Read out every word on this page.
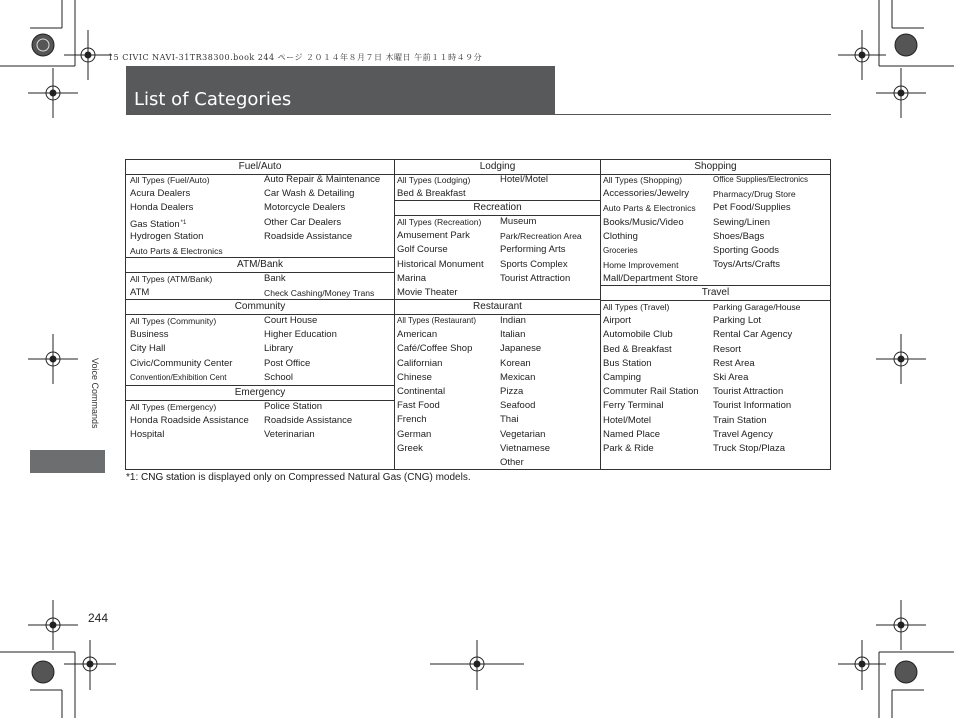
15 CIVIC NAVI-31TR38300.book 244 ページ ２０１４年８月７日 木曜日 午前１１時４９分
List of Categories
Voice Commands
Fuel/Auto
All Types (Fuel/Auto)
Acura Dealers
Honda Dealers
Gas Station$^{*1}$
Hydrogen Station
Auto Parts & Electronics
Auto Repair & Maintenance
Car Wash & Detailing
Motorcycle Dealers
Other Car Dealers
Roadside Assistance
ATM/Bank
All Types (ATM/Bank)
ATM
Bank
Check Cashing/Money Trans
Community
All Types (Community)
Business
City Hall
Civic/Community Center
Convention/Exhibition Cent
Court House
Higher Education
Library
Post Office
School
Emergency
All Types (Emergency)
Honda Roadside Assistance
Hospital
Police Station
Roadside Assistance
Veterinarian
Lodging
All Types (Lodging)
Bed & Breakfast
Hotel/Motel
Recreation
All Types (Recreation)
Amusement Park
Golf Course
Historical Monument
Marina
Movie Theater
Museum
Park/Recreation Area
Performing Arts
Sports Complex
Tourist Attraction
Restaurant
All Types (Restaurant)
American
Café/Coffee Shop
Californian
Chinese
Continental
Fast Food
French
German
Greek
Indian
Italian
Japanese
Korean
Mexican
Pizza
Seafood
Thai
Vegetarian
Vietnamese
Other
Shopping
All Types (Shopping)
Accessories/Jewelry
Auto Parts & Electronics
Books/Music/Video
Clothing
Groceries
Home Improvement
Mall/Department Store
Office Supplies/Electronics
Pharmacy/Drug Store
Pet Food/Supplies
Sewing/Linen
Shoes/Bags
Sporting Goods
Toys/Arts/Crafts
Travel
All Types (Travel)
Airport
Automobile Club
Bed & Breakfast
Bus Station
Camping
Commuter Rail Station
Ferry Terminal
Hotel/Motel
Named Place
Park & Ride
Parking Garage/House
Parking Lot
Rental Car Agency
Resort
Rest Area
Ski Area
Tourist Attraction
Tourist Information
Train Station
Travel Agency
Truck Stop/Plaza
*1: CNG station is displayed only on Compressed Natural Gas (CNG) models.
244
